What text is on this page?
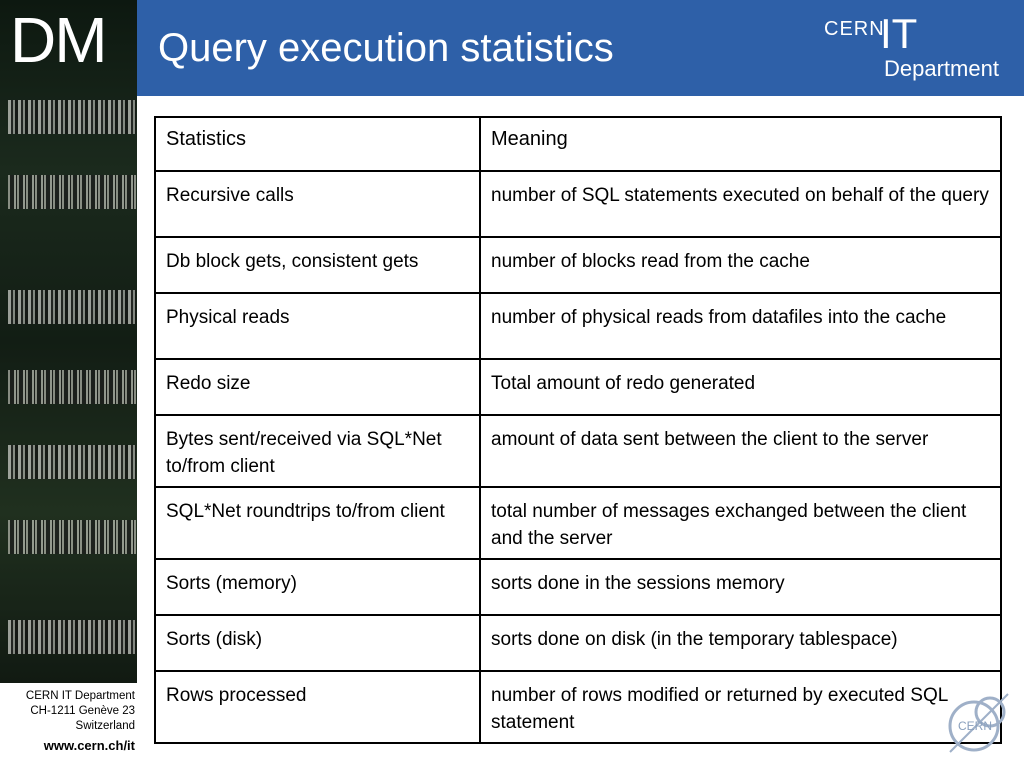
DM Query execution statistics	CERN
IT
Department
Statistics	Meaning
Recursive calls	number of SQL statements executed on behalf of the query
Db block gets, consistent gets	number of blocks read from the cache
Physical reads	number of physical reads from datafiles into the cache
Redo size	Total amount of redo generated
Bytes sent/received via SQL*Net to/from client	amount of data sent between the client to the server
SQL*Net roundtrips to/from client	total number of messages exchanged between the client and the server
Sorts (memory)	sorts done in the sessions memory
Sorts (disk)	sorts done on disk (in the temporary tablespace)
Rows processed	number of rows modified or returned by executed SQL statement
CERN IT Department
CH-1211 Genève 23
Switzerland
www.cern.ch/it
CERN
